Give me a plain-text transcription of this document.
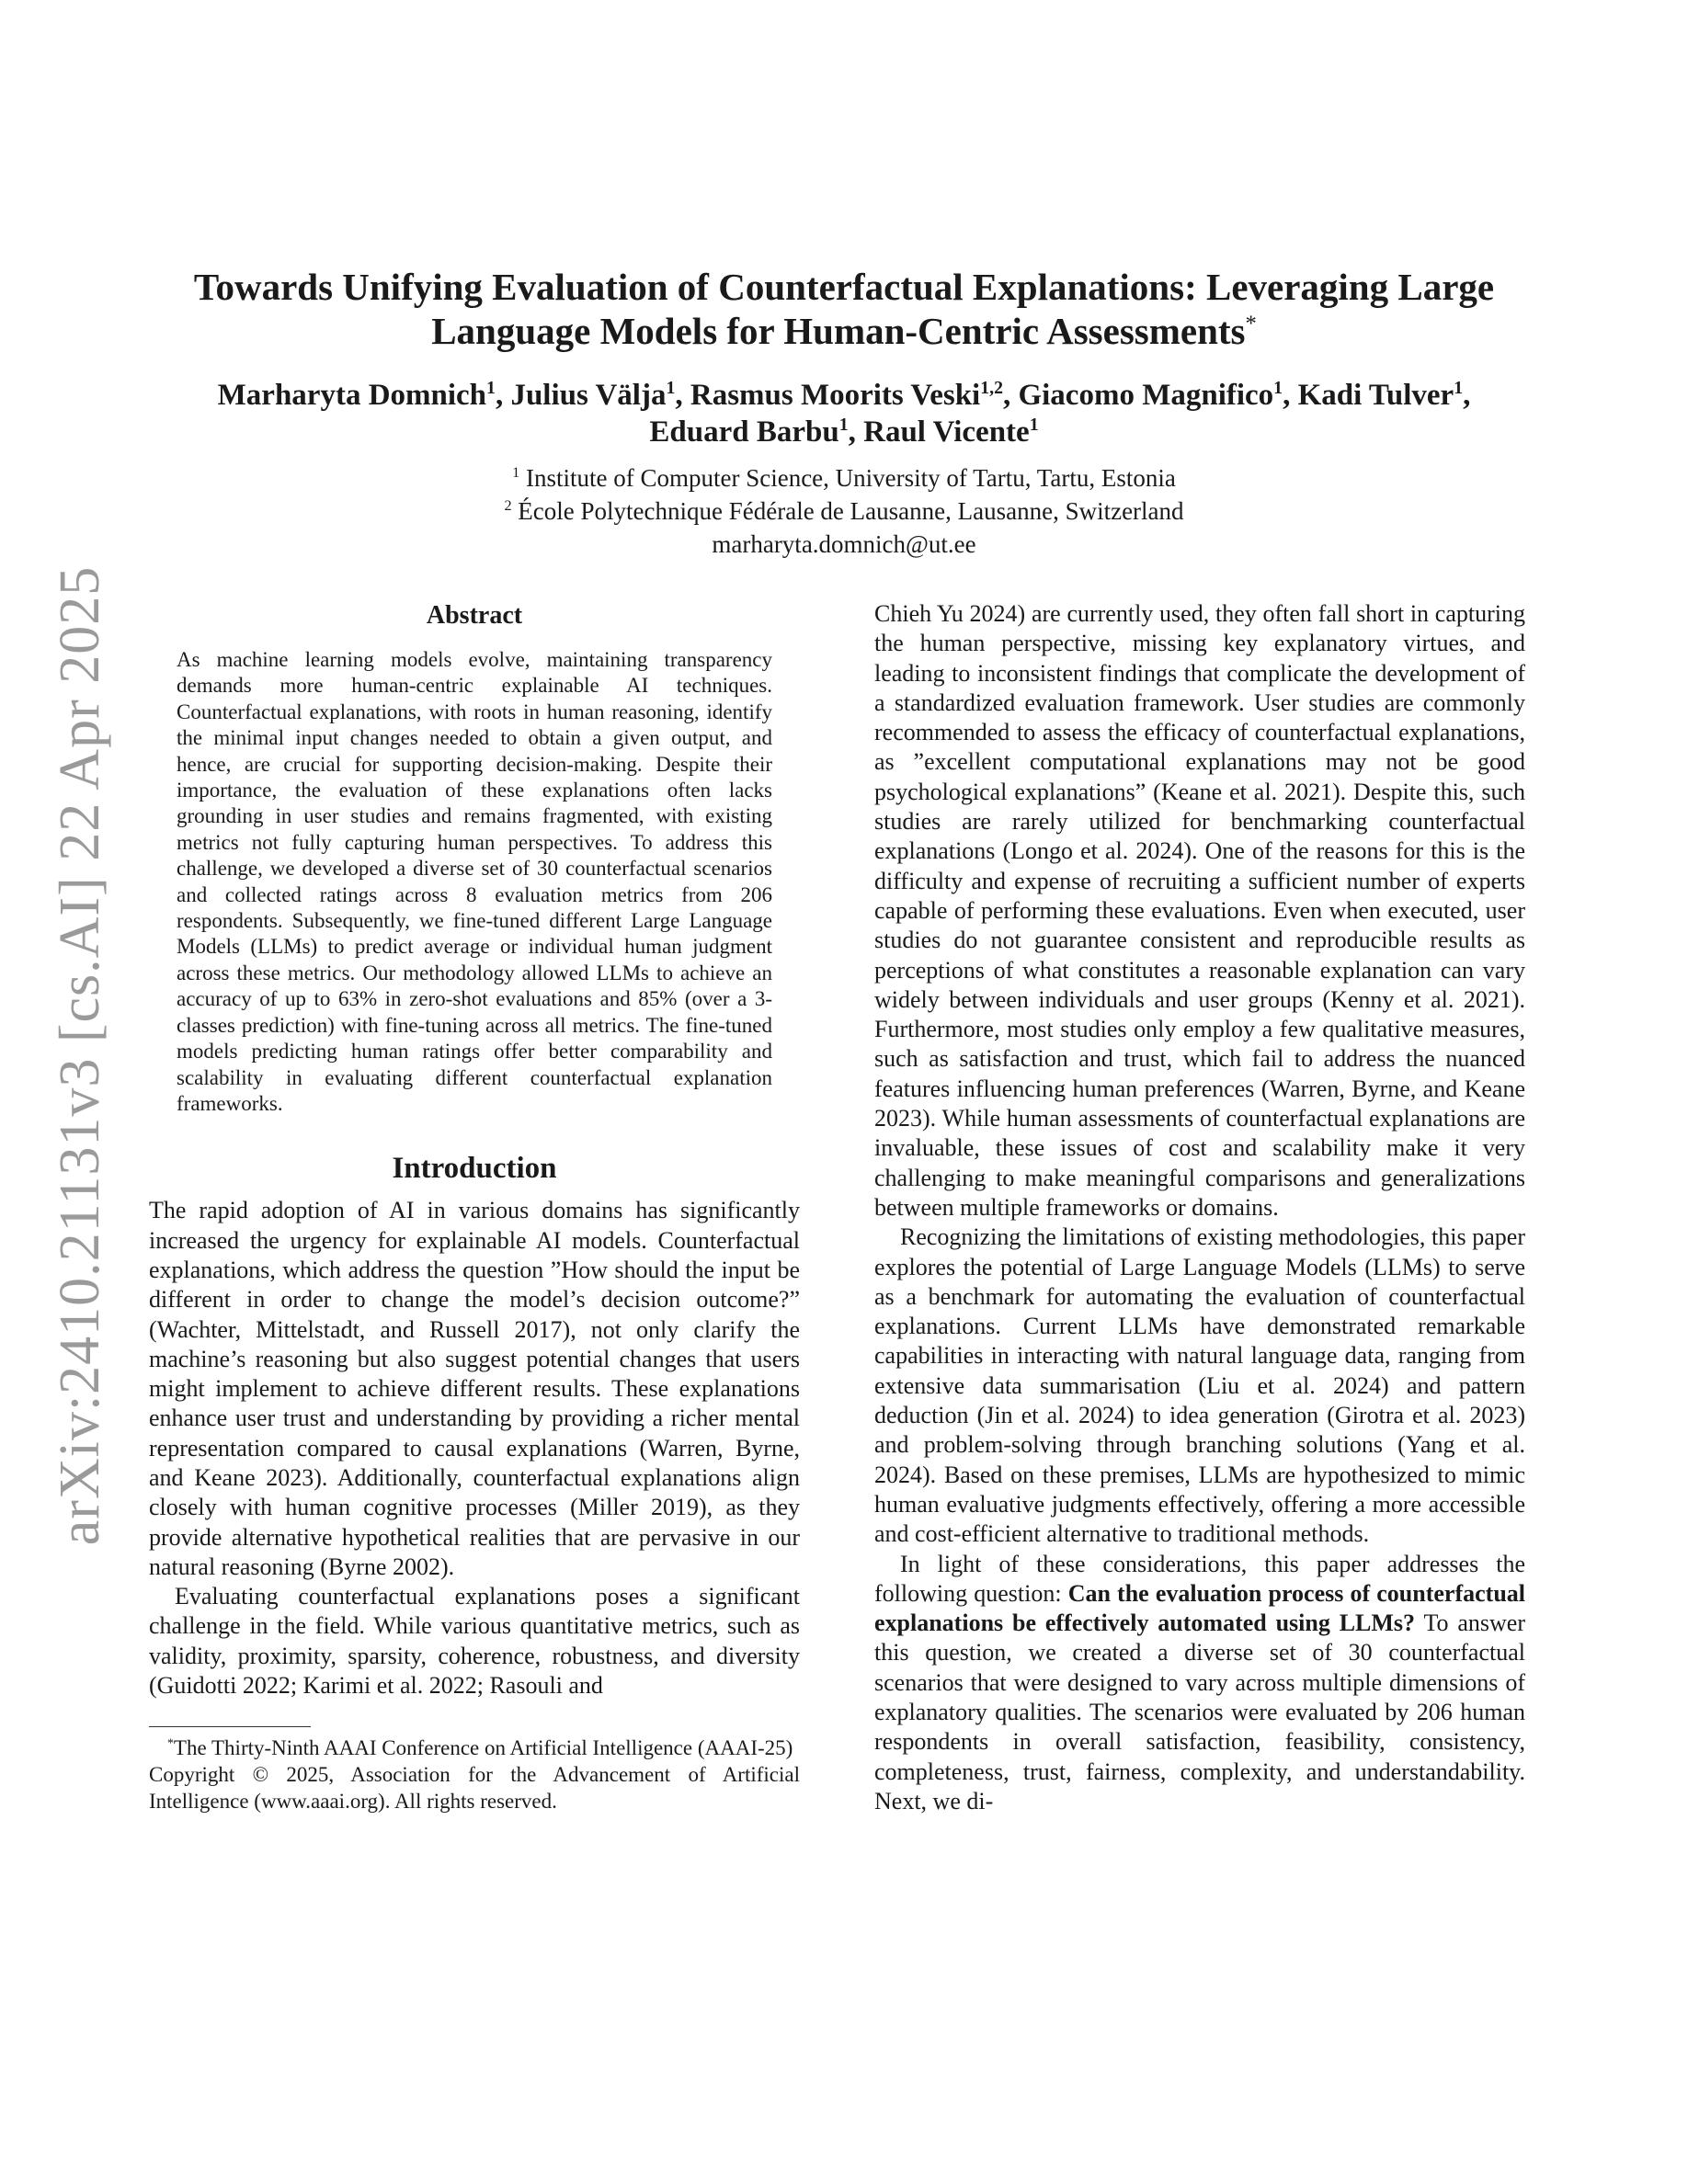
arXiv:2410.21131v3 [cs.AI] 22 Apr 2025
Towards Unifying Evaluation of Counterfactual Explanations: Leveraging Large Language Models for Human-Centric Assessments*
Marharyta Domnich$^1$, Julius Välja$^1$, Rasmus Moorits Veski$^{1,2}$, Giacomo Magnifico$^1$, Kadi Tulver$^1$,
Eduard Barbu$^1$, Raul Vicente$^1$
$^1$ Institute of Computer Science, University of Tartu, Tartu, Estonia
$^2$ École Polytechnique Fédérale de Lausanne, Lausanne, Switzerland
marharyta.domnich@ut.ee
Abstract
As machine learning models evolve, maintaining transparency demands more human-centric explainable AI techniques. Counterfactual explanations, with roots in human reasoning, identify the minimal input changes needed to obtain a given output, and hence, are crucial for supporting decision-making. Despite their importance, the evaluation of these explanations often lacks grounding in user studies and remains fragmented, with existing metrics not fully capturing human perspectives. To address this challenge, we developed a diverse set of 30 counterfactual scenarios and collected ratings across 8 evaluation metrics from 206 respondents. Subsequently, we fine-tuned different Large Language Models (LLMs) to predict average or individual human judgment across these metrics. Our methodology allowed LLMs to achieve an accuracy of up to 63% in zero-shot evaluations and 85% (over a 3-classes prediction) with fine-tuning across all metrics. The fine-tuned models predicting human ratings offer better comparability and scalability in evaluating different counterfactual explanation frameworks.
Introduction

The rapid adoption of AI in various domains has significantly increased the urgency for explainable AI models. Counterfactual explanations, which address the question ”How should the input be different in order to change the model’s decision outcome?” (Wachter, Mittelstadt, and Russell 2017), not only clarify the machine’s reasoning but also suggest potential changes that users might implement to achieve different results. These explanations enhance user trust and understanding by providing a richer mental representation compared to causal explanations (Warren, Byrne, and Keane 2023). Additionally, counterfactual explanations align closely with human cognitive processes (Miller 2019), as they provide alternative hypothetical realities that are pervasive in our natural reasoning (Byrne 2002).

Evaluating counterfactual explanations poses a significant challenge in the field. While various quantitative metrics, such as validity, proximity, sparsity, coherence, robustness, and diversity (Guidotti 2022; Karimi et al. 2022; Rasouli and

*The Thirty-Ninth AAAI Conference on Artificial Intelligence (AAAI-25)

Copyright © 2025, Association for the Advancement of Artificial Intelligence (www.aaai.org). All rights reserved.

Chieh Yu 2024) are currently used, they often fall short in capturing the human perspective, missing key explanatory virtues, and leading to inconsistent findings that complicate the development of a standardized evaluation framework. User studies are commonly recommended to assess the efficacy of counterfactual explanations, as ”excellent computational explanations may not be good psychological explanations” (Keane et al. 2021). Despite this, such studies are rarely utilized for benchmarking counterfactual explanations (Longo et al. 2024). One of the reasons for this is the difficulty and expense of recruiting a sufficient number of experts capable of performing these evaluations. Even when executed, user studies do not guarantee consistent and reproducible results as perceptions of what constitutes a reasonable explanation can vary widely between individuals and user groups (Kenny et al. 2021). Furthermore, most studies only employ a few qualitative measures, such as satisfaction and trust, which fail to address the nuanced features influencing human preferences (Warren, Byrne, and Keane 2023). While human assessments of counterfactual explanations are invaluable, these issues of cost and scalability make it very challenging to make meaningful comparisons and generalizations between multiple frameworks or domains.

Recognizing the limitations of existing methodologies, this paper explores the potential of Large Language Models (LLMs) to serve as a benchmark for automating the evaluation of counterfactual explanations. Current LLMs have demonstrated remarkable capabilities in interacting with natural language data, ranging from extensive data summarisation (Liu et al. 2024) and pattern deduction (Jin et al. 2024) to idea generation (Girotra et al. 2023) and problem-solving through branching solutions (Yang et al. 2024). Based on these premises, LLMs are hypothesized to mimic human evaluative judgments effectively, offering a more accessible and cost-efficient alternative to traditional methods.

In light of these considerations, this paper addresses the following question: Can the evaluation process of counterfactual explanations be effectively automated using LLMs? To answer this question, we created a diverse set of 30 counterfactual scenarios that were designed to vary across multiple dimensions of explanatory qualities. The scenarios were evaluated by 206 human respondents in overall satisfaction, feasibility, consistency, completeness, trust, fairness, complexity, and understandability. Next, we di-
